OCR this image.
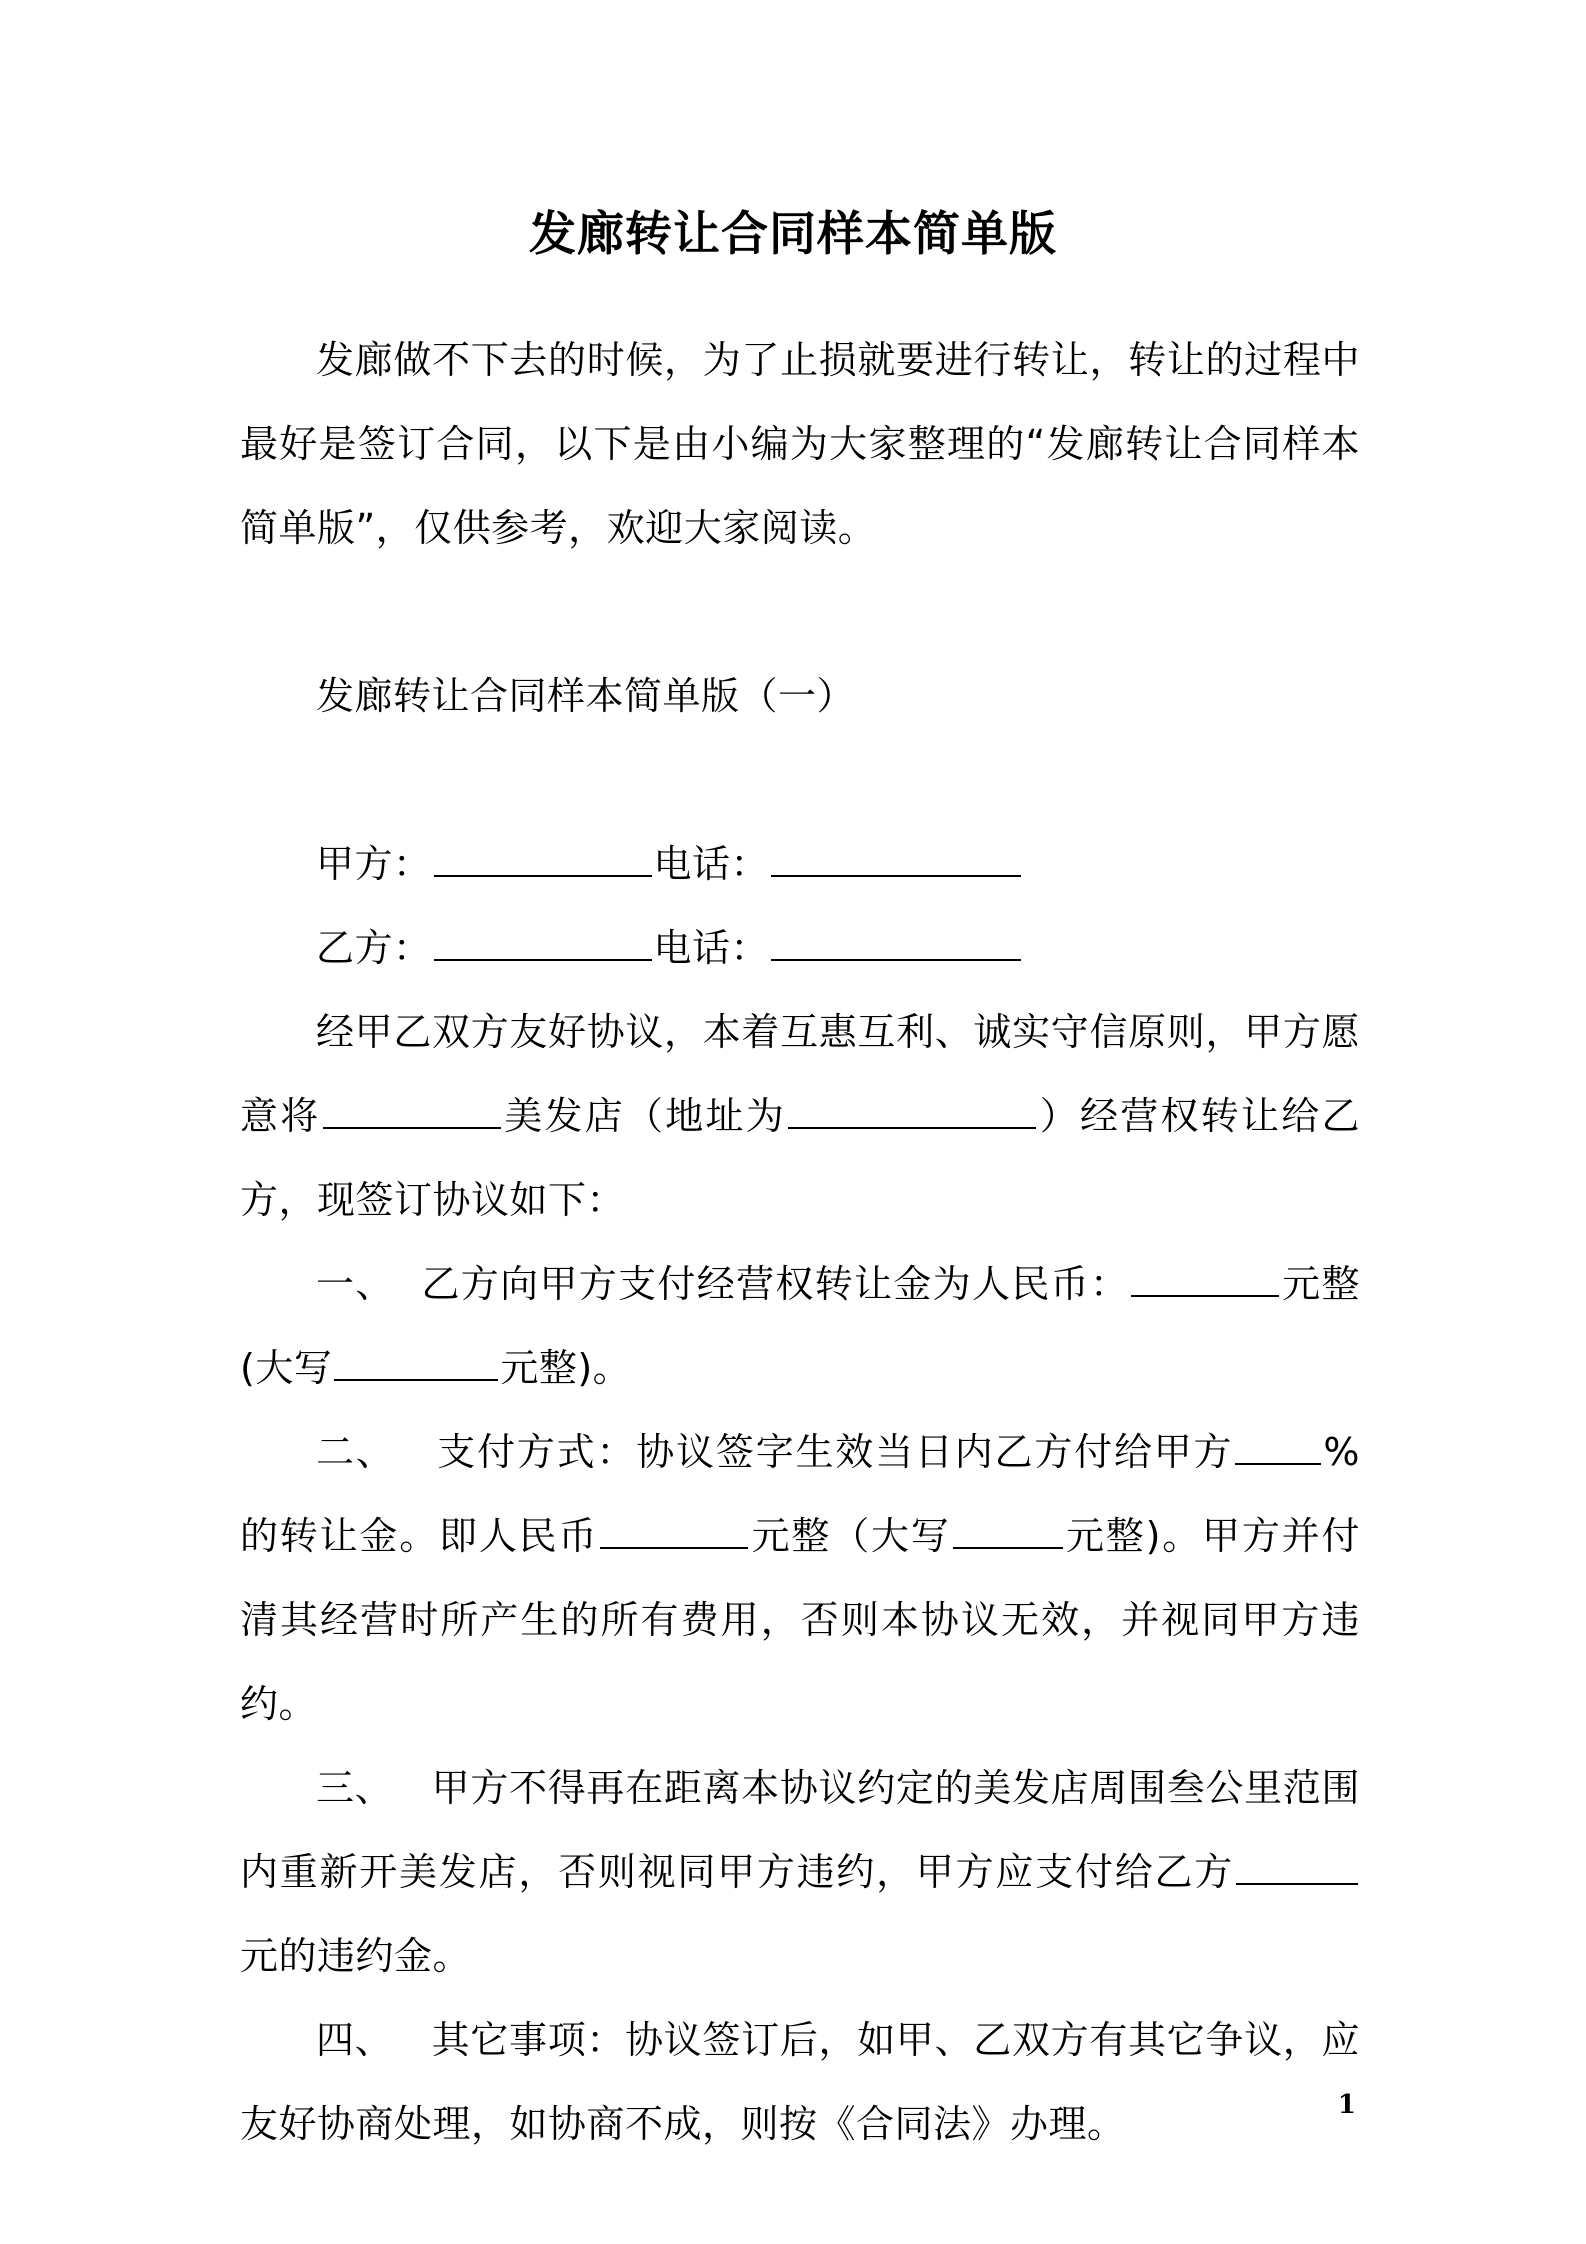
发廊转让合同样本简单版

发廊做不下去的时候，为了止损就要进行转让，转让的过程中最好是签订合同，以下是由小编为大家整理的“发廊转让合同样本简单版”，仅供参考，欢迎大家阅读。

发廊转让合同样本简单版（一）

甲方：	电话：

乙方：	电话：

经甲乙双方友好协议，本着互惠互利、诚实守信原则，甲方愿意将	美发店（地址为	）经营权转让给乙方，现签订协议如下：

一、 乙方向甲方支付经营权转让金为人民币：	元整(大写	元整)。

二、 支付方式：协议签字生效当日内乙方付给甲方 %的转让金。即人民币	元整（大写	元整)。甲方并付清其经营时所产生的所有费用，否则本协议无效，并视同甲方违约。

三、 甲方不得再在距离本协议约定的美发店周围叁公里范围内重新开美发店，否则视同甲方违约，甲方应支付给乙方元的违约金。

四、 其它事项：协议签订后，如甲、乙双方有其它争议，应友好协商处理，如协商不成，则按《合同法》办理。	1
